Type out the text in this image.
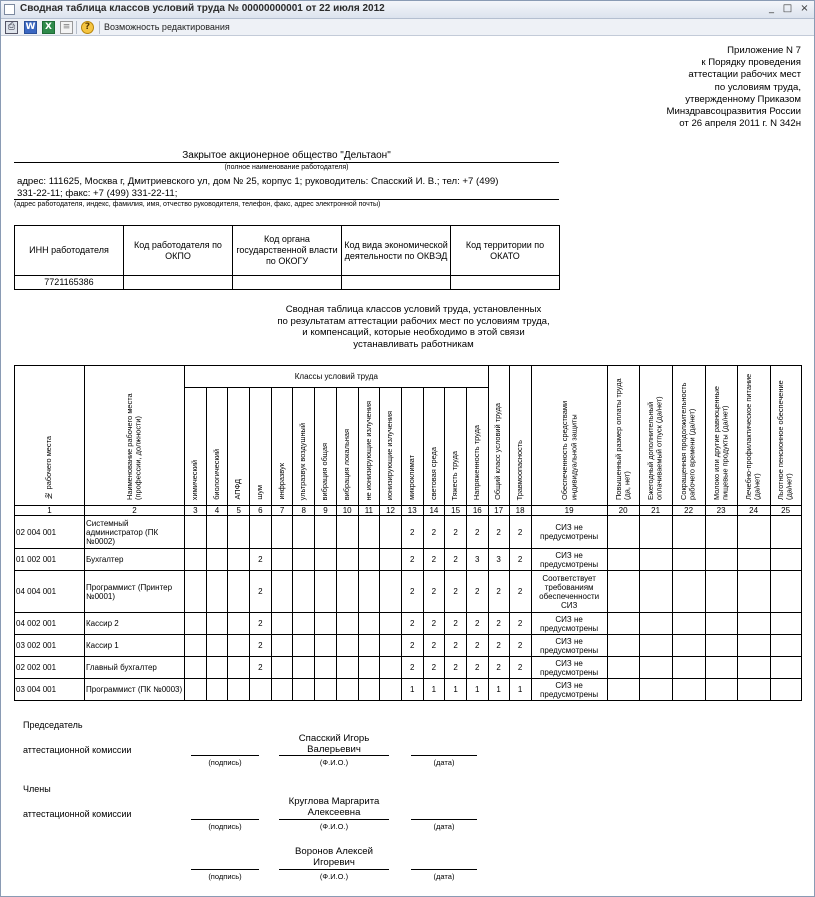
Сводная таблица классов условий труда № 00000000001 от 22 июля 2012	_ □ ×
⎙	W	X	≡	?	Возможность редактирования
Приложение N 7
к Порядку проведения
аттестации рабочих мест
по условиям труда,
утвержденному Приказом
Минздравсоцразвития России
от 26 апреля 2011 г. N 342н
Закрытое акционерное общество "Дельтаон"
(полное наименование работодателя)
адрес: 111625, Москва г, Дмитриевского ул, дом № 25, корпус 1; руководитель: Спасский И. В.; тел: +7 (499)
331-22-11; факс: +7 (499) 331-22-11;
(адрес работодателя, индекс, фамилия, имя, отчество руководителя, телефон, факс, адрес электронной почты)
ИНН работодателя	Код работодателя по ОКПО	Код органа государственной власти по ОКОГУ	Код вида экономической деятельности по ОКВЭД	Код территории по ОКАТО
7721165386				
Сводная таблица классов условий труда, установленных
по результатам аттестации рабочих мест по условиям труда,
и компенсаций, которые необходимо в этой связи
устанавливать работникам
№ рабочего места	Наименование рабочего места (профессии, должности)	Классы условий труда														Общий класс условий труда	Травмоопасность	Обеспеченность средствами индивидуальной защиты	Повышенный размер оплаты труда (да, нет)	Ежегодный дополнительный оплачиваемый отпуск (да/нет)	Сокращенная продолжительность рабочего времени (да/нет)	Молоко или другие равноценные пищевые продукты (да/нет)	Лечебно-профилактическое питание (да/нет)	Льготное пенсионное обеспечение (да/нет)
		химический	биологический	АПФД	шум	инфразвук	ультразвук воздушный	вибрация общая	вибрация локальная	не ионизирующие излучения	ионизирующие излучения	микроклимат	световая среда	Тяжесть труда	Напряженность труда									
1	2	3	4	5	6	7	8	9	10	11	12	13	14	15	16	17	18	19	20	21	22	23	24	25
02 004 001	Системный администратор (ПК №0002)											2	2	2	2	2	2	СИЗ не предусмотрены						
01 002 001	Бухгалтер				2							2	2	2	3	3	2	СИЗ не предусмотрены						
04 004 001	Программист (Принтер №0001)				2							2	2	2	2	2	2	Соответствует требованиям обеспеченности СИЗ						
04 002 001	Кассир 2				2							2	2	2	2	2	2	СИЗ не предусмотрены						
03 002 001	Кассир 1				2							2	2	2	2	2	2	СИЗ не предусмотрены						
02 002 001	Главный бухгалтер				2							2	2	2	2	2	2	СИЗ не предусмотрены						
03 004 001	Программист (ПК №0003)											1	1	1	1	1	1	СИЗ не предусмотрены						
Председатель
аттестационной комиссии
Спасский Игорь
Валерьевич
(подпись)	(Ф.И.О.)	(дата)
Члены
аттестационной комиссии
Круглова Маргарита
Алексеевна
(подпись)	(Ф.И.О.)	(дата)
Воронов Алексей
Игоревич
(подпись)	(Ф.И.О.)	(дата)
